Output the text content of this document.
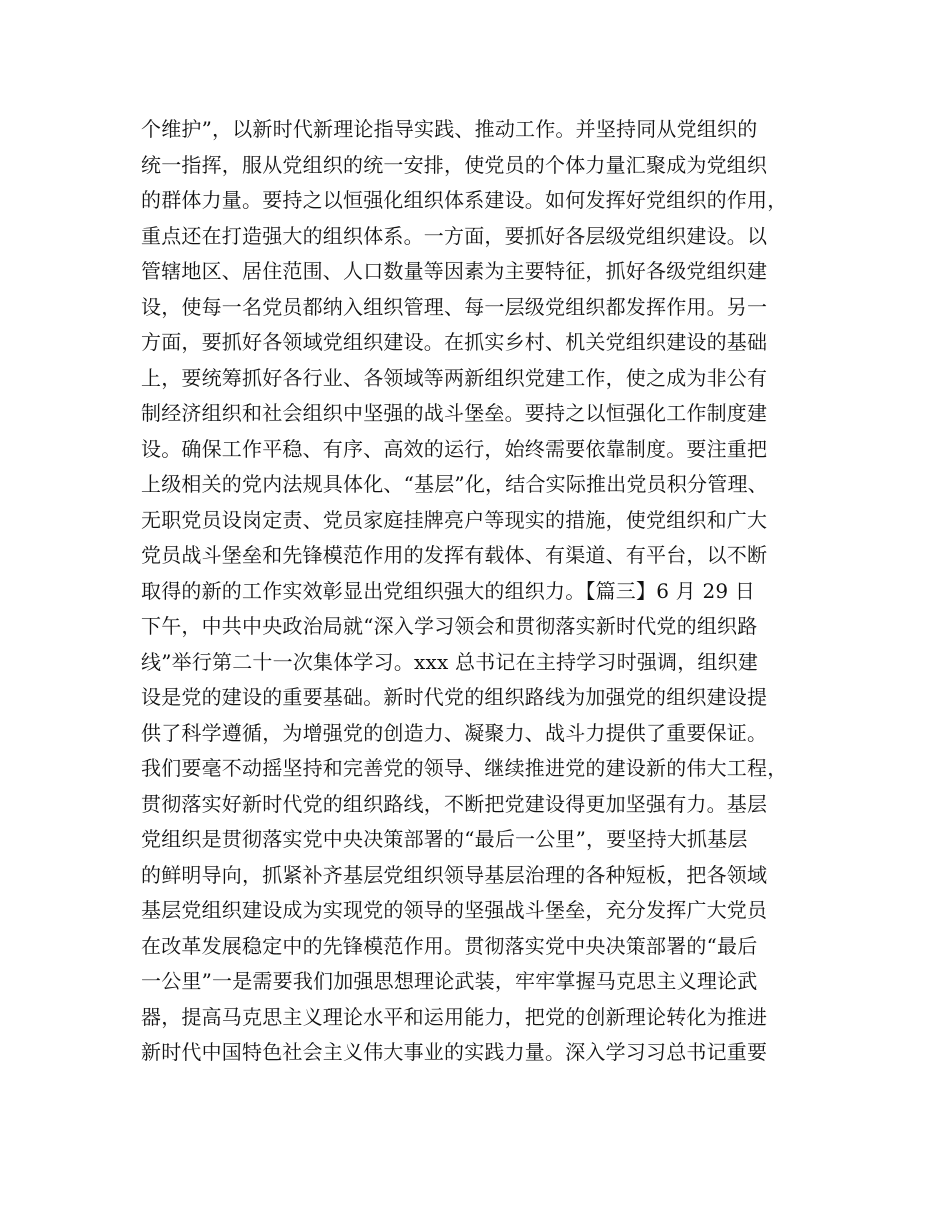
个维护”，以新时代新理论指导实践、推动工作。并坚持同从党组织的
统一指挥，服从党组织的统一安排，使党员的个体力量汇聚成为党组织
的群体力量。要持之以恒强化组织体系建设。如何发挥好党组织的作用，
重点还在打造强大的组织体系。一方面，要抓好各层级党组织建设。以
管辖地区、居住范围、人口数量等因素为主要特征，抓好各级党组织建
设，使每一名党员都纳入组织管理、每一层级党组织都发挥作用。另一
方面，要抓好各领域党组织建设。在抓实乡村、机关党组织建设的基础
上，要统筹抓好各行业、各领域等两新组织党建工作，使之成为非公有
制经济组织和社会组织中坚强的战斗堡垒。要持之以恒强化工作制度建
设。确保工作平稳、有序、高效的运行，始终需要依靠制度。要注重把
上级相关的党内法规具体化、“基层”化，结合实际推出党员积分管理、
无职党员设岗定责、党员家庭挂牌亮户等现实的措施，使党组织和广大
党员战斗堡垒和先锋模范作用的发挥有载体、有渠道、有平台，以不断
取得的新的工作实效彰显出党组织强大的组织力。【篇三】6 月 29 日
下午，中共中央政治局就“深入学习领会和贯彻落实新时代党的组织路
线”举行第二十一次集体学习。xxx 总书记在主持学习时强调，组织建
设是党的建设的重要基础。新时代党的组织路线为加强党的组织建设提
供了科学遵循，为增强党的创造力、凝聚力、战斗力提供了重要保证。
我们要毫不动摇坚持和完善党的领导、继续推进党的建设新的伟大工程，
贯彻落实好新时代党的组织路线，不断把党建设得更加坚强有力。基层
党组织是贯彻落实党中央决策部署的“最后一公里”，要坚持大抓基层
的鲜明导向，抓紧补齐基层党组织领导基层治理的各种短板，把各领域
基层党组织建设成为实现党的领导的坚强战斗堡垒，充分发挥广大党员
在改革发展稳定中的先锋模范作用。贯彻落实党中央决策部署的“最后
一公里”一是需要我们加强思想理论武装，牢牢掌握马克思主义理论武
器，提高马克思主义理论水平和运用能力，把党的创新理论转化为推进
新时代中国特色社会主义伟大事业的实践力量。深入学习习总书记重要
